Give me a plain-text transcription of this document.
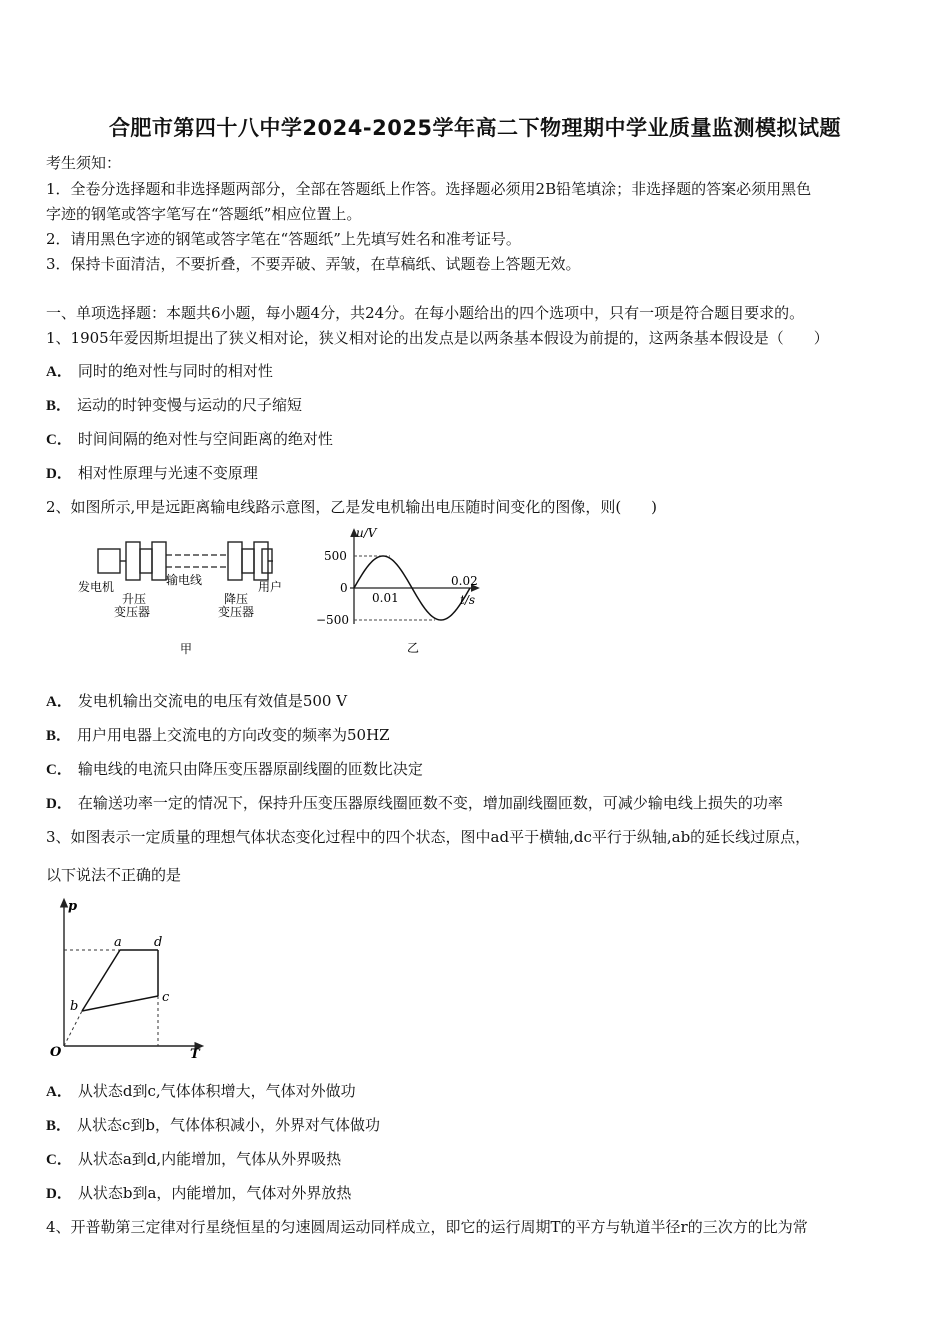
合肥市第四十八中学2024-2025学年高二下物理期中学业质量监测模拟试题
考生须知：
1．全卷分选择题和非选择题两部分，全部在答题纸上作答。选择题必须用2B铅笔填涂；非选择题的答案必须用黑色
字迹的钢笔或答字笔写在“答题纸”相应位置上。
2．请用黑色字迹的钢笔或答字笔在“答题纸”上先填写姓名和准考证号。
3．保持卡面清洁，不要折叠，不要弄破、弄皱，在草稿纸、试题卷上答题无效。
一、单项选择题：本题共6小题，每小题4分，共24分。在每小题给出的四个选项中，只有一项是符合题目要求的。
1、1905年爱因斯坦提出了狭义相对论，狭义相对论的出发点是以两条基本假设为前提的，这两条基本假设是（　　）
A． 同时的绝对性与同时的相对性
B． 运动的时钟变慢与运动的尺子缩短
C． 时间间隔的绝对性与空间距离的绝对性
D． 相对性原理与光速不变原理
2、如图所示,甲是远距离输电线路示意图，乙是发电机输出电压随时间变化的图像，则(　　)
发电机
升压
变压器
输电线
降压
变压器
用户
甲
u/V
t/s
500
0
−500
0.01
0.02
乙
A． 发电机输出交流电的电压有效值是500 V
B． 用户用电器上交流电的方向改变的频率为50HZ
C． 输电线的电流只由降压变压器原副线圈的匝数比决定
D． 在输送功率一定的情况下，保持升压变压器原线圈匝数不变，增加副线圈匝数，可减少输电线上损失的功率
3、如图表示一定质量的理想气体状态变化过程中的四个状态，图中ad平于横轴,dc平行于纵轴,ab的延长线过原点，
以下说法不正确的是
p
T
O
a d
c
b
A． 从状态d到c,气体体积增大，气体对外做功
B． 从状态c到b，气体体积减小，外界对气体做功
C． 从状态a到d,内能增加，气体从外界吸热
D． 从状态b到a，内能增加，气体对外界放热
4、开普勒第三定律对行星绕恒星的匀速圆周运动同样成立，即它的运行周期T的平方与轨道半径r的三次方的比为常
